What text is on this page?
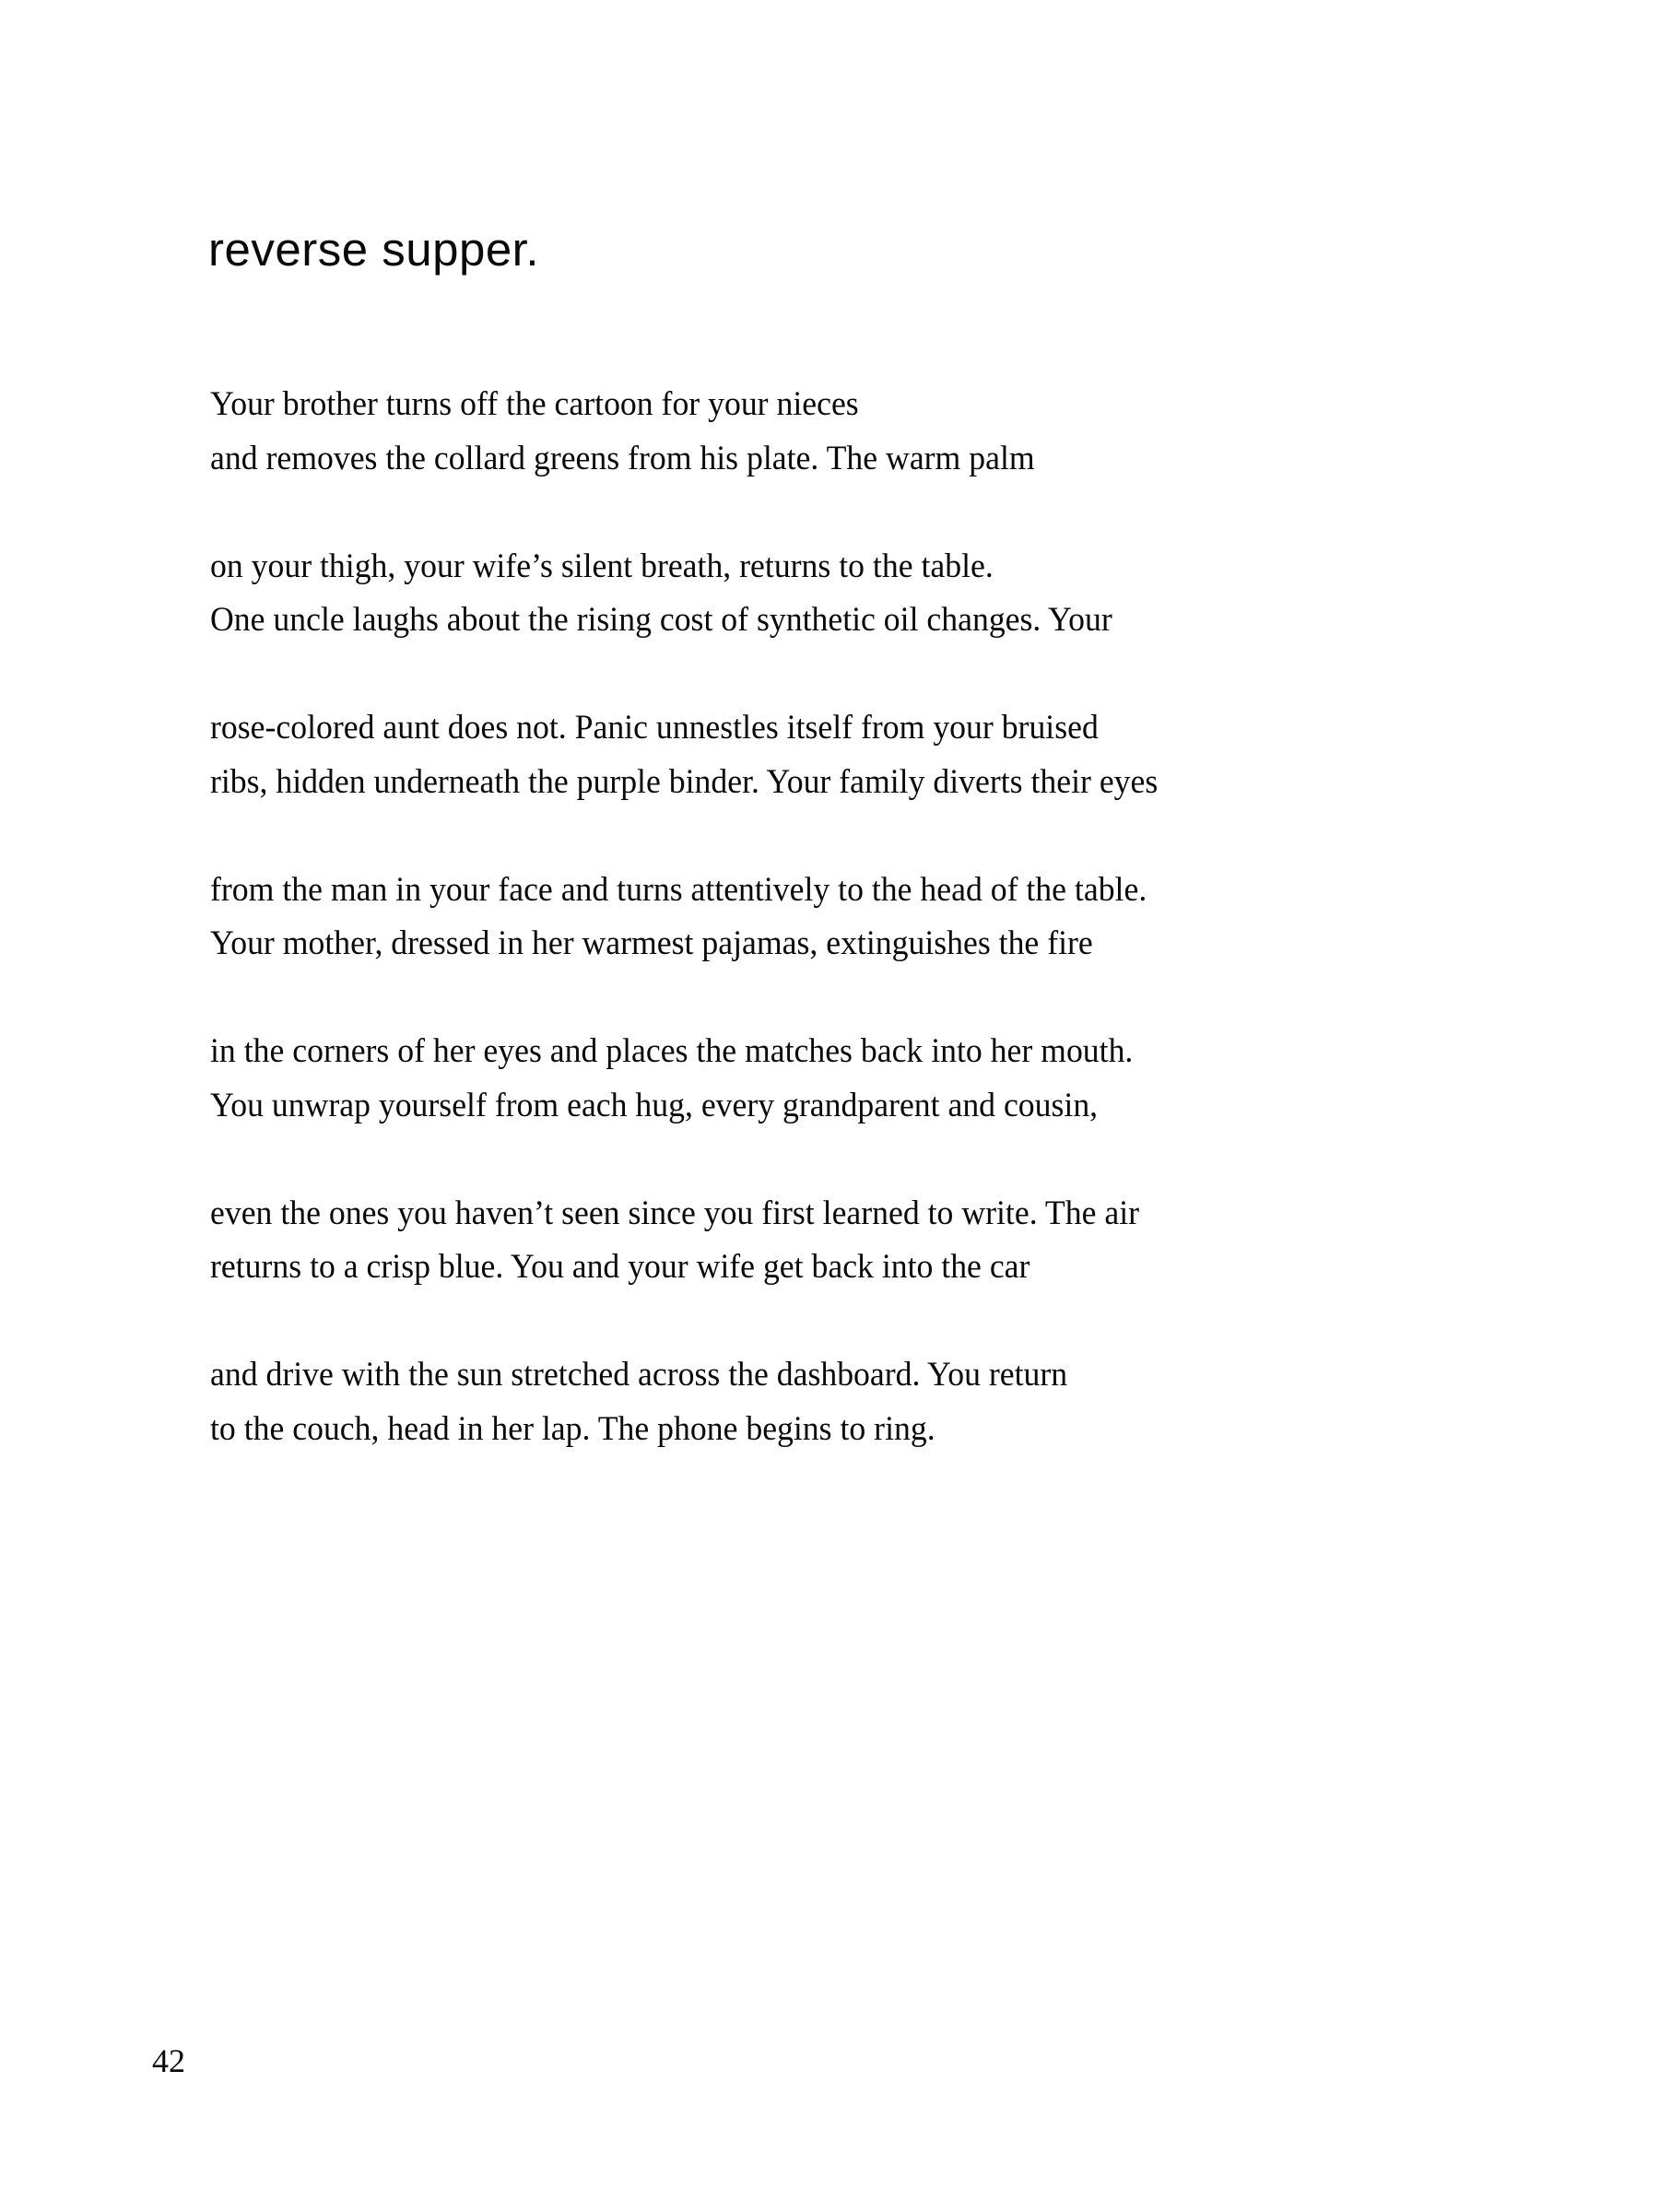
reverse supper.
Your brother turns off the cartoon for your nieces
and removes the collard greens from his plate. The warm palm
on your thigh, your wife’s silent breath, returns to the table.
One uncle laughs about the rising cost of synthetic oil changes. Your
rose-colored aunt does not. Panic unnestles itself from your bruised
ribs, hidden underneath the purple binder. Your family diverts their eyes
from the man in your face and turns attentively to the head of the table.
Your mother, dressed in her warmest pajamas, extinguishes the fire
in the corners of her eyes and places the matches back into her mouth.
You unwrap yourself from each hug, every grandparent and cousin,
even the ones you haven’t seen since you first learned to write. The air
returns to a crisp blue. You and your wife get back into the car
and drive with the sun stretched across the dashboard. You return
to the couch, head in her lap. The phone begins to ring.
42
